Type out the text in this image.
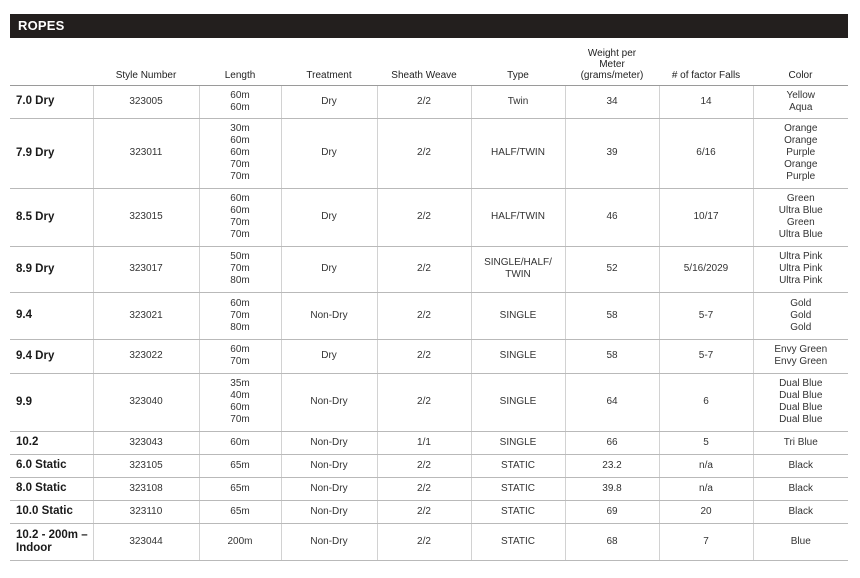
ROPES

	Style Number	Length	Treatment	Sheath Weave	Type	Weight per
Meter
(grams/meter)	# of factor Falls	Color

7.0 Dry	323005	60m
60m	Dry	2/2	Twin	34	14	Yellow
Aqua

7.9 Dry	323011	30m
60m
60m
70m
70m	Dry	2/2	HALF/TWIN	39	6/16	Orange
Orange
Purple
Orange
Purple

8.5 Dry	323015	60m
60m
70m
70m	Dry	2/2	HALF/TWIN	46	10/17	Green
Ultra Blue
Green
Ultra Blue

8.9 Dry	323017	50m
70m
80m	Dry	2/2	SINGLE/HALF/
TWIN	52	5/16/2029	Ultra Pink
Ultra Pink
Ultra Pink

9.4	323021	60m
70m
80m	Non-Dry	2/2	SINGLE	58	5-7	Gold
Gold
Gold

9.4 Dry	323022	60m
70m	Dry	2/2	SINGLE	58	5-7	Envy Green
Envy Green

9.9	323040	35m
40m
60m
70m	Non-Dry	2/2	SINGLE	64	6	Dual Blue
Dual Blue
Dual Blue
Dual Blue

10.2	323043	60m	Non-Dry	1/1	SINGLE	66	5	Tri Blue

6.0 Static	323105	65m	Non-Dry	2/2	STATIC	23.2	n/a	Black

8.0 Static	323108	65m	Non-Dry	2/2	STATIC	39.8	n/a	Black

10.0 Static	323110	65m	Non-Dry	2/2	STATIC	69	20	Black

10.2 - 200m – Indoor	323044	200m	Non-Dry	2/2	STATIC	68	7	Blue
